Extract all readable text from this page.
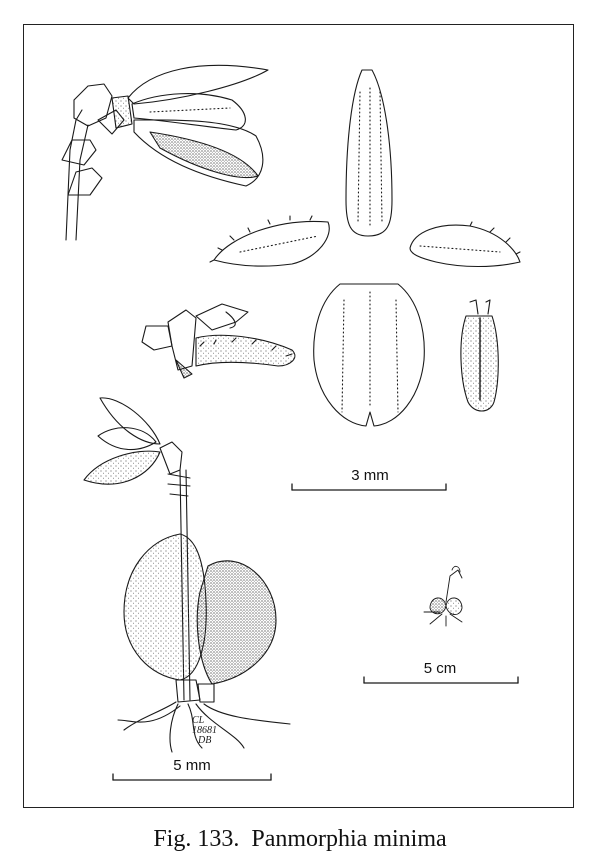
3 mm
5 cm
5 mm
CL
18681
DB
Fig. 133. Panmorphia minima
